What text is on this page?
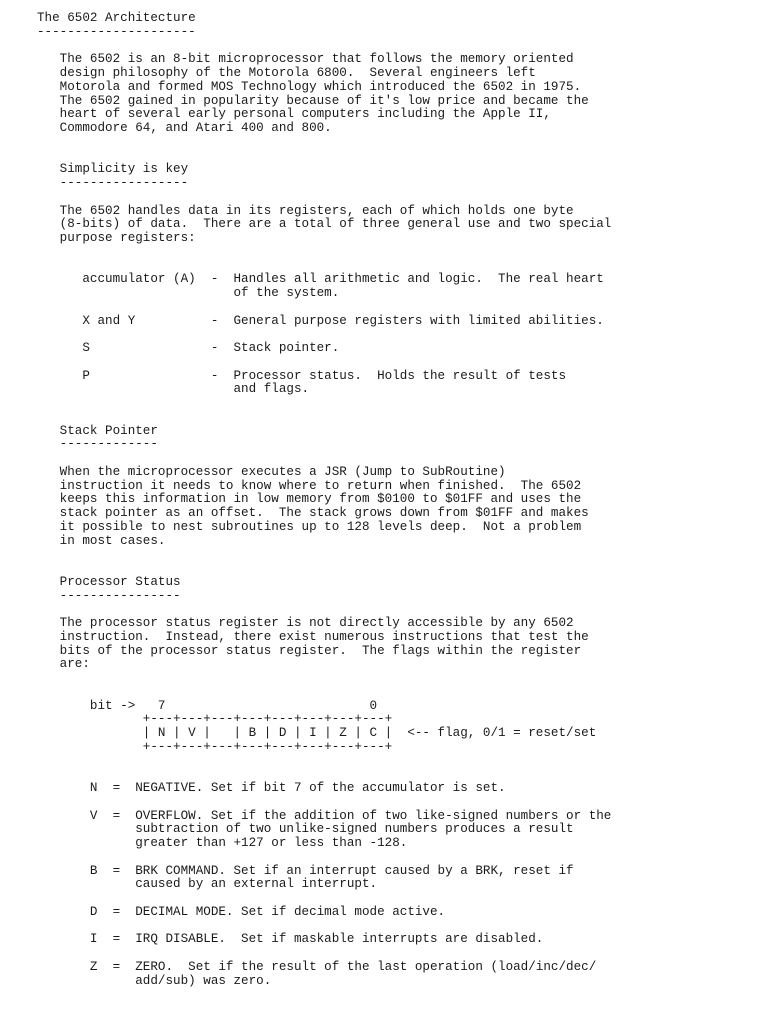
The 6502 Architecture
---------------------

The 6502 is an 8-bit microprocessor that follows the memory oriented
design philosophy of the Motorola 6800.  Several engineers left
Motorola and formed MOS Technology which introduced the 6502 in 1975.
The 6502 gained in popularity because of it's low price and became the
heart of several early personal computers including the Apple II,
Commodore 64, and Atari 400 and 800.

Simplicity is key
-----------------

The 6502 handles data in its registers, each of which holds one byte
(8-bits) of data.  There are a total of three general use and two special
purpose registers:

accumulator (A)  -  Handles all arithmetic and logic.  The real heart
of the system.

X and Y          -  General purpose registers with limited abilities.

S                -  Stack pointer.

P                -  Processor status.  Holds the result of tests
and flags.

Stack Pointer
-------------

When the microprocessor executes a JSR (Jump to SubRoutine)
instruction it needs to know where to return when finished.  The 6502
keeps this information in low memory from $0100 to $01FF and uses the
stack pointer as an offset.  The stack grows down from $01FF and makes
it possible to nest subroutines up to 128 levels deep.  Not a problem
in most cases.

Processor Status
----------------

The processor status register is not directly accessible by any 6502
instruction.  Instead, there exist numerous instructions that test the
bits of the processor status register.  The flags within the register
are:

bit ->   7                           0
+---+---+---+---+---+---+---+---+
| N | V |   | B | D | I | Z | C |  <-- flag, 0/1 = reset/set
+---+---+---+---+---+---+---+---+

N  =  NEGATIVE. Set if bit 7 of the accumulator is set.

V  =  OVERFLOW. Set if the addition of two like-signed numbers or the
subtraction of two unlike-signed numbers produces a result
greater than +127 or less than -128.

B  =  BRK COMMAND. Set if an interrupt caused by a BRK, reset if
caused by an external interrupt.

D  =  DECIMAL MODE. Set if decimal mode active.

I  =  IRQ DISABLE.  Set if maskable interrupts are disabled.

Z  =  ZERO.  Set if the result of the last operation (load/inc/dec/
add/sub) was zero.
